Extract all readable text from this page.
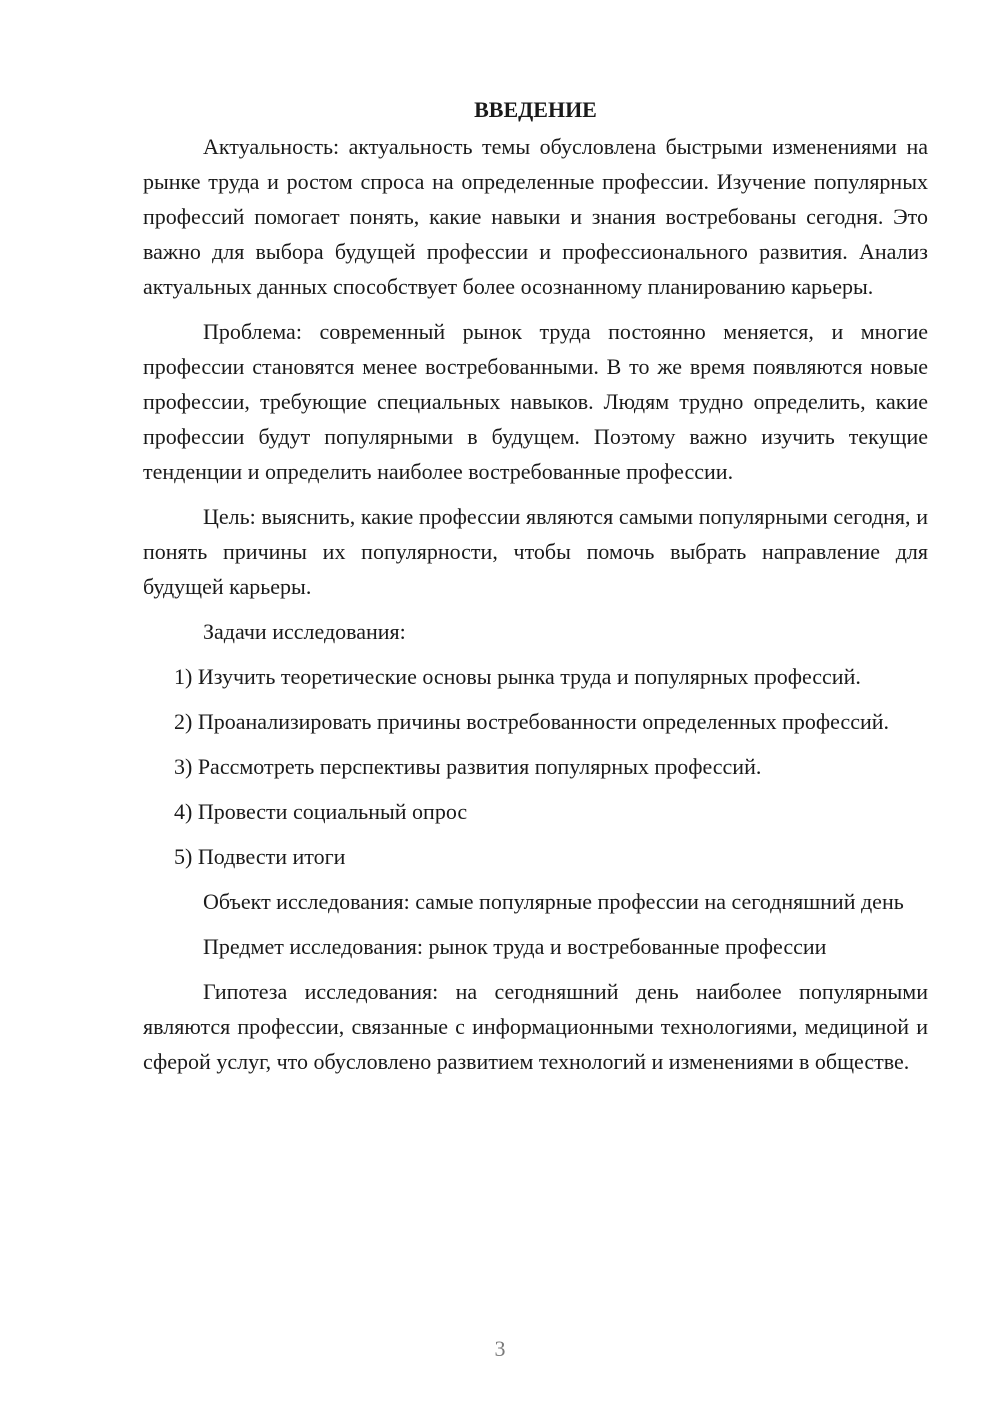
ВВЕДЕНИЕ

Актуальность: актуальность темы обусловлена быстрыми изменениями на рынке труда и ростом спроса на определенные профессии. Изучение популярных профессий помогает понять, какие навыки и знания востребованы сегодня. Это важно для выбора будущей профессии и профессионального развития. Анализ актуальных данных способствует более осознанному планированию карьеры.

Проблема: современный рынок труда постоянно меняется, и многие профессии становятся менее востребованными. В то же время появляются новые профессии, требующие специальных навыков. Людям трудно определить, какие профессии будут популярными в будущем. Поэтому важно изучить текущие тенденции и определить наиболее востребованные профессии.

Цель: выяснить, какие профессии являются самыми популярными сегодня, и понять причины их популярности, чтобы помочь выбрать направление для будущей карьеры.

Задачи исследования:

1) Изучить теоретические основы рынка труда и популярных профессий.

2) Проанализировать причины востребованности определенных профессий.

3) Рассмотреть перспективы развития популярных профессий.

4) Провести социальный опрос

5) Подвести итоги

Объект исследования: самые популярные профессии на сегодняшний день

Предмет исследования: рынок труда и востребованные профессии

Гипотеза исследования: на сегодняшний день наиболее популярными являются профессии, связанные с информационными технологиями, медициной и сферой услуг, что обусловлено развитием технологий и изменениями в обществе.

3
